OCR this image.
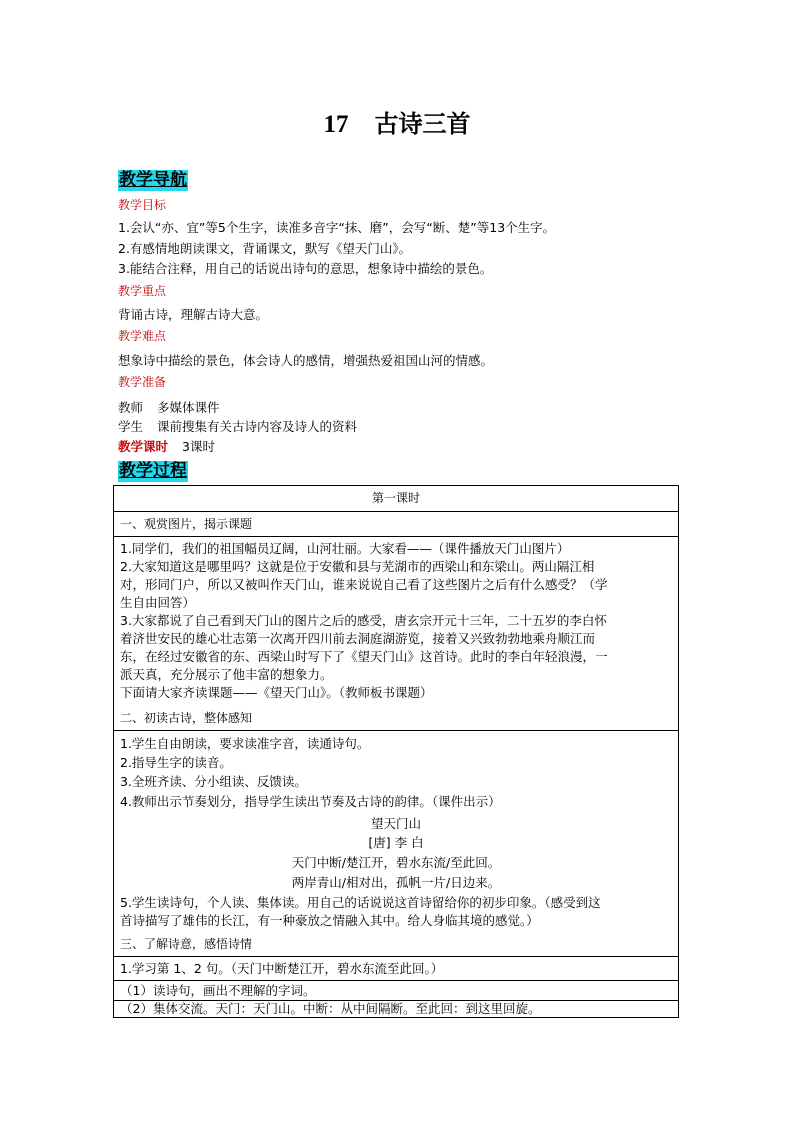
17 古诗三首
教学导航
教学目标
1.会认“亦、宜”等5个生字，读准多音字“抹、磨”，会写“断、楚”等13个生字。
2.有感情地朗读课文，背诵课文，默写《望天门山》。
3.能结合注释，用自己的话说出诗句的意思，想象诗中描绘的景色。
教学重点
背诵古诗，理解古诗大意。
教学难点
想象诗中描绘的景色，体会诗人的感情，增强热爱祖国山河的情感。
教学准备
教师 多媒体课件
学生 课前搜集有关古诗内容及诗人的资料
教学课时 3课时
教学过程
第一课时
一、观赏图片，揭示课题
1.同学们，我们的祖国幅员辽阔，山河壮丽。大家看——（课件播放天门山图片）
2.大家知道这是哪里吗？这就是位于安徽和县与芜湖市的西梁山和东梁山。两山隔江相
对，形同门户，所以又被叫作天门山，谁来说说自己看了这些图片之后有什么感受？（学
生自由回答）
3.大家都说了自己看到天门山的图片之后的感受，唐玄宗开元十三年，二十五岁的李白怀
着济世安民的雄心壮志第一次离开四川前去洞庭湖游览，接着又兴致勃勃地乘舟顺江而
东，在经过安徽省的东、西梁山时写下了《望天门山》这首诗。此时的李白年轻浪漫，一
派天真，充分展示了他丰富的想象力。
下面请大家齐读课题——《望天门山》。（教师板书课题）
二、初读古诗，整体感知
1.学生自由朗读，要求读准字音，读通诗句。
2.指导生字的读音。
3.全班齐读、分小组读、反馈读。
4.教师出示节奏划分，指导学生读出节奏及古诗的韵律。（课件出示）
望天门山
[唐] 李 白
天门中断/楚江开，碧水东流/至此回。
两岸青山/相对出，孤帆一片/日边来。
5.学生读诗句，个人读、集体读。用自己的话说说这首诗留给你的初步印象。（感受到这
首诗描写了雄伟的长江，有一种豪放之情融入其中。给人身临其境的感觉。）
三、了解诗意，感悟诗情
1.学习第 1、2 句。（天门中断楚江开，碧水东流至此回。）
（1）读诗句，画出不理解的字词。
（2）集体交流。天门：天门山。中断：从中间隔断。至此回：到这里回旋。
